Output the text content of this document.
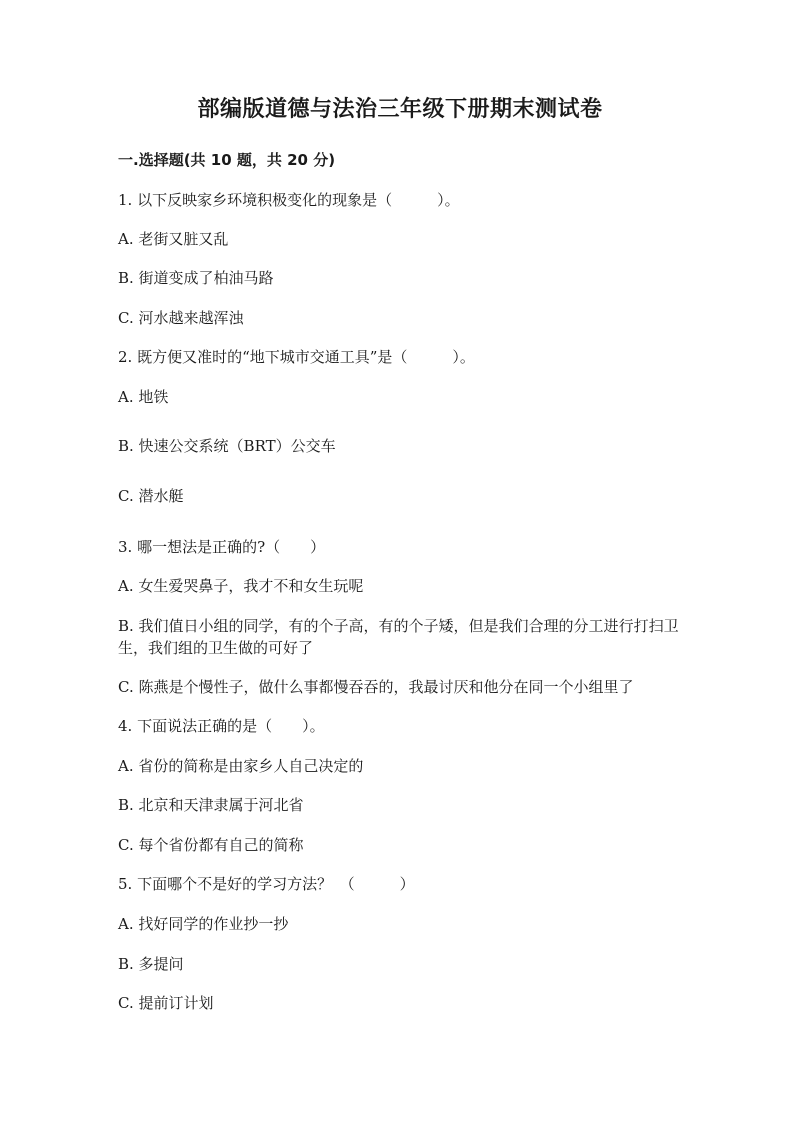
部编版道德与法治三年级下册期末测试卷
一.选择题(共 10 题，共 20 分)
1. 以下反映家乡环境积极变化的现象是（　　　）。
A. 老街又脏又乱
B. 街道变成了柏油马路
C. 河水越来越浑浊
2. 既方便又准时的“地下城市交通工具”是（　　　）。
A. 地铁
B. 快速公交系统（BRT）公交车
C. 潜水艇
3. 哪一想法是正确的?（　　）
A. 女生爱哭鼻子，我才不和女生玩呢
B. 我们值日小组的同学，有的个子高，有的个子矮，但是我们合理的分工进行打扫卫生，我们组的卫生做的可好了
C. 陈燕是个慢性子，做什么事都慢吞吞的，我最讨厌和他分在同一个小组里了
4. 下面说法正确的是（　　）。
A. 省份的简称是由家乡人自己决定的
B. 北京和天津隶属于河北省
C. 每个省份都有自己的简称
5. 下面哪个不是好的学习方法？　（　　　）
A. 找好同学的作业抄一抄
B. 多提问
C. 提前订计划
